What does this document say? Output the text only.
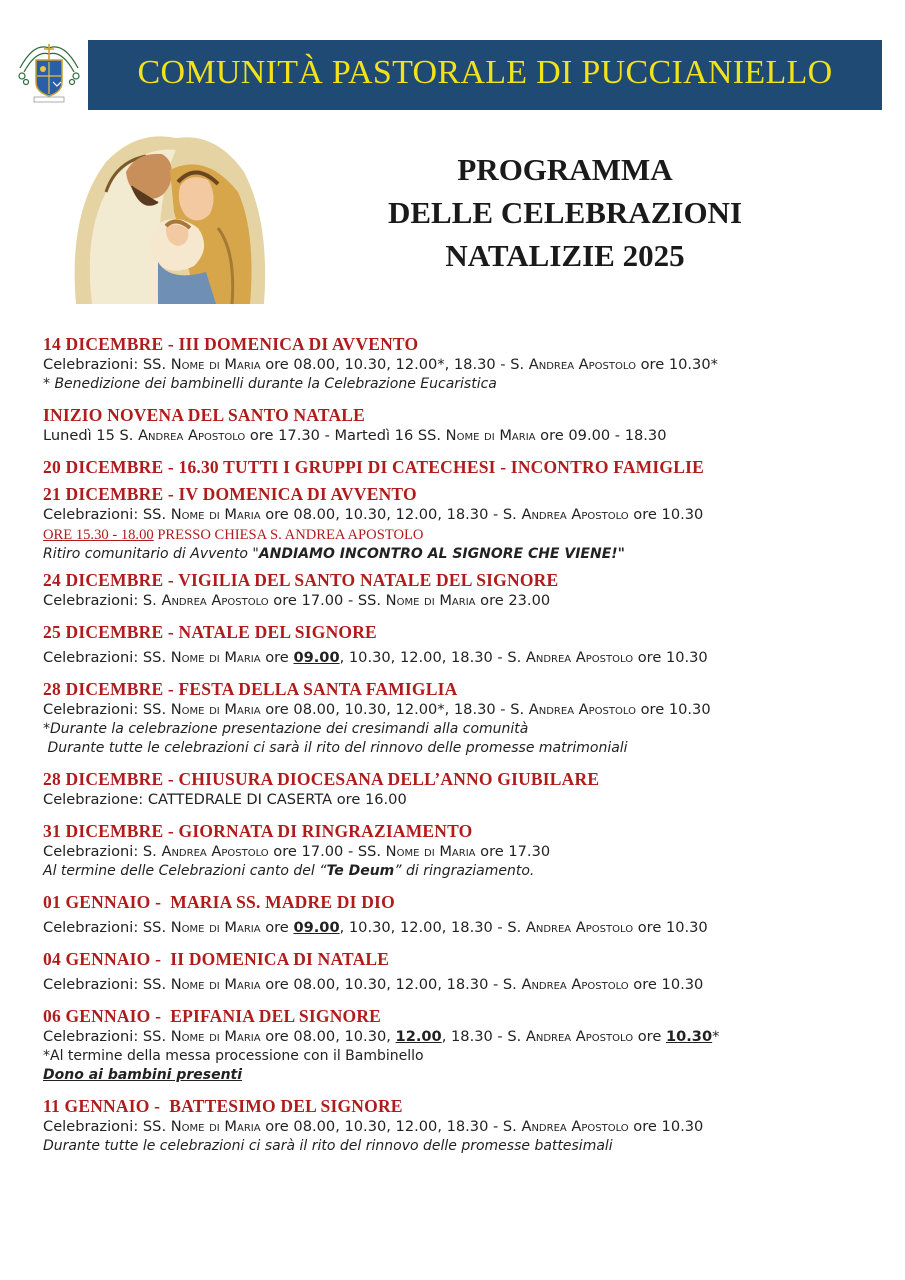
COMUNITÀ PASTORALE DI PUCCIANIELLO
PROGRAMMA
DELLE CELEBRAZIONI
NATALIZIE 2025
14 DICEMBRE - III DOMENICA DI AVVENTO
Celebrazioni: SS. Nome di Maria ore 08.00, 10.30, 12.00*, 18.30 - S. Andrea Apostolo ore 10.30*
* Benedizione dei bambinelli durante la Celebrazione Eucaristica
INIZIO NOVENA DEL SANTO NATALE
Lunedì 15 S. Andrea Apostolo ore 17.30 - Martedì 16 SS. Nome di Maria ore 09.00 - 18.30
20 DICEMBRE - 16.30 TUTTI I GRUPPI DI CATECHESI - INCONTRO FAMIGLIE
21 DICEMBRE - IV DOMENICA DI AVVENTO
Celebrazioni: SS. Nome di Maria ore 08.00, 10.30, 12.00, 18.30 - S. Andrea Apostolo ore 10.30
ORE 15.30 - 18.00 PRESSO CHIESA S. ANDREA APOSTOLO
Ritiro comunitario di Avvento "ANDIAMO INCONTRO AL SIGNORE CHE VIENE!"
24 DICEMBRE - VIGILIA DEL SANTO NATALE DEL SIGNORE
Celebrazioni: S. Andrea Apostolo ore 17.00 - SS. Nome di Maria ore 23.00
25 DICEMBRE - NATALE DEL SIGNORE
Celebrazioni: SS. Nome di Maria ore 09.00, 10.30, 12.00, 18.30 - S. Andrea Apostolo ore 10.30
28 DICEMBRE - FESTA DELLA SANTA FAMIGLIA
Celebrazioni: SS. Nome di Maria ore 08.00, 10.30, 12.00*, 18.30 - S. Andrea Apostolo ore 10.30
*Durante la celebrazione presentazione dei cresimandi alla comunità
Durante tutte le celebrazioni ci sarà il rito del rinnovo delle promesse matrimoniali
28 DICEMBRE - CHIUSURA DIOCESANA DELL’ANNO GIUBILARE
Celebrazione: CATTEDRALE DI CASERTA ore 16.00
31 DICEMBRE - GIORNATA DI RINGRAZIAMENTO
Celebrazioni: S. Andrea Apostolo ore 17.00 - SS. Nome di Maria ore 17.30
Al termine delle Celebrazioni canto del “Te Deum” di ringraziamento.
01 GENNAIO -  MARIA SS. MADRE DI DIO
Celebrazioni: SS. Nome di Maria ore 09.00, 10.30, 12.00, 18.30 - S. Andrea Apostolo ore 10.30
04 GENNAIO -  II DOMENICA DI NATALE
Celebrazioni: SS. Nome di Maria ore 08.00, 10.30, 12.00, 18.30 - S. Andrea Apostolo ore 10.30
06 GENNAIO -  EPIFANIA DEL SIGNORE
Celebrazioni: SS. Nome di Maria ore 08.00, 10.30, 12.00, 18.30 - S. Andrea Apostolo ore 10.30*
*Al termine della messa processione con il Bambinello
Dono ai bambini presenti
11 GENNAIO -  BATTESIMO DEL SIGNORE
Celebrazioni: SS. Nome di Maria ore 08.00, 10.30, 12.00, 18.30 - S. Andrea Apostolo ore 10.30
Durante tutte le celebrazioni ci sarà il rito del rinnovo delle promesse battesimali
